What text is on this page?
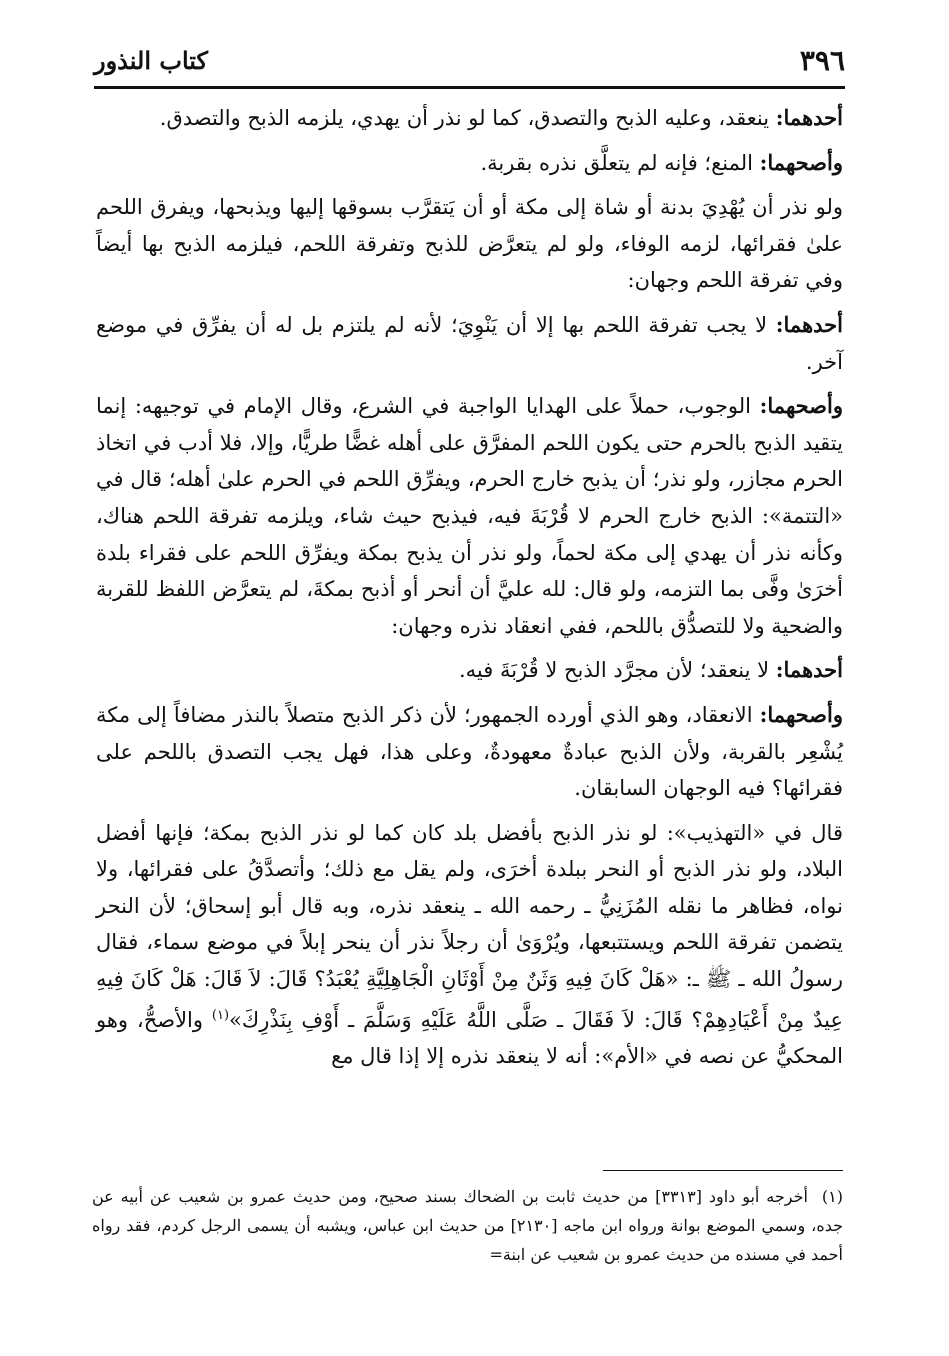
٣٩٦
كتاب النذور

أحدهما: ينعقد، وعليه الذبح والتصدق، كما لو نذر أن يهدي، يلزمه الذبح والتصدق.

وأصحهما: المنع؛ فإنه لم يتعلَّق نذره بقربة.

ولو نذر أن يُهْدِيَ بدنة أو شاة إلى مكة أو أن يَتقرَّب بسوقها إليها ويذبحها، ويفرق اللحم علىٰ فقرائها، لزمه الوفاء، ولو لم يتعرَّض للذبح وتفرقة اللحم، فيلزمه الذبح بها أيضاً وفي تفرقة اللحم وجهان:

أحدهما: لا يجب تفرقة اللحم بها إلا أن يَنْوِيَ؛ لأنه لم يلتزم بل له أن يفرِّق في موضع آخر.

وأصحهما: الوجوب، حملاً على الهدايا الواجبة في الشرع، وقال الإمام في توجيهه: إنما يتقيد الذبح بالحرم حتى يكون اللحم المفرَّق على أهله غضًّا طريًّا، وإلا، فلا أدب في اتخاذ الحرم مجازر، ولو نذر؛ أن يذبح خارج الحرم، ويفرِّق اللحم في الحرم علىٰ أهله؛ قال في «التتمة»: الذبح خارج الحرم لا قُرْبَةَ فيه، فيذبح حيث شاء، ويلزمه تفرقة اللحم هناك، وكأنه نذر أن يهدي إلى مكة لحماً، ولو نذر أن يذبح بمكة ويفرِّق اللحم على فقراء بلدة أخرَىٰ وفَّى بما التزمه، ولو قال: لله عليَّ أن أنحر أو أذبح بمكةَ، لم يتعرَّض اللفظ للقربة والضحية ولا للتصدُّق باللحم، ففي انعقاد نذره وجهان:

أحدهما: لا ينعقد؛ لأن مجرَّد الذبح لا قُرْبَةَ فيه.

وأصحهما: الانعقاد، وهو الذي أورده الجمهور؛ لأن ذكر الذبح متصلاً بالنذر مضافاً إلى مكة يُشْعِر بالقربة، ولأن الذبح عبادةٌ معهودةٌ، وعلى هذا، فهل يجب التصدق باللحم على فقرائها؟ فيه الوجهان السابقان.

قال في «التهذيب»: لو نذر الذبح بأفضل بلد كان كما لو نذر الذبح بمكة؛ فإنها أفضل البلاد، ولو نذر الذبح أو النحر ببلدة أخرَى، ولم يقل مع ذلك؛ وأتصدَّقُ على فقرائها، ولا نواه، فظاهر ما نقله المُزَنِيُّ ـ رحمه الله ـ ينعقد نذره، وبه قال أبو إسحاق؛ لأن النحر يتضمن تفرقة اللحم ويستتبعها، ويُرْوَىٰ أن رجلاً نذر أن ينحر إبلاً في موضع سماء، فقال رسولُ الله ـ ﷺ ـ: «هَلْ كَانَ فِيهِ وَثَنٌ مِنْ أَوْثَانِ الْجَاهِلِيَّةِ يُعْبَدُ؟ قَالَ: لاَ قَالَ: هَلْ كَانَ فِيهِ عِيدٌ مِنْ أَعْيَادِهِمْ؟ قَالَ: لاَ فَقَالَ ـ صَلَّى اللَّهُ عَلَيْهِ وَسَلَّمَ ـ أَوْفِ بِنَذْرِكَ»$^{(١)}$ والأصحُّ، وهو المحكيُّ عن نصه في «الأم»: أنه لا ينعقد نذره إلا إذا قال مع

(١)أخرجه أبو داود [٣٣١٣] من حديث ثابت بن الضحاك بسند صحيح، ومن حديث عمرو بن شعيب عن أبيه عن جده، وسمي الموضع بوانة ورواه ابن ماجه [٢١٣٠] من حديث ابن عباس، ويشبه أن يسمى الرجل كردم، فقد رواه أحمد في مسنده من حديث عمرو بن شعيب عن ابنة=
